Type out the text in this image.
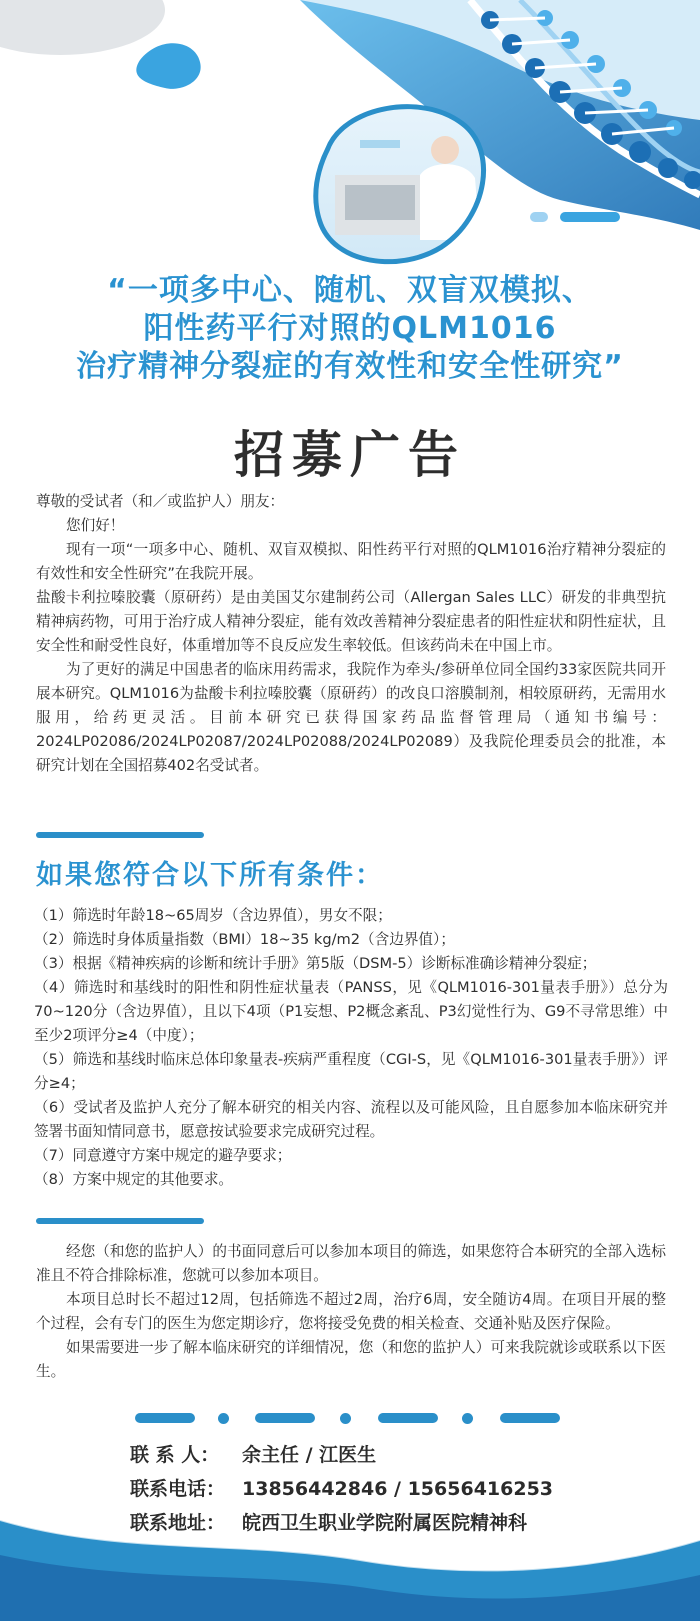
“一项多中心、随机、双盲双模拟、
阳性药平行对照的QLM1016
治疗精神分裂症的有效性和安全性研究”
招募广告

尊敬的受试者（和／或监护人）朋友：

您们好！

现有一项“一项多中心、随机、双盲双模拟、阳性药平行对照的QLM1016治疗精神分裂症的有效性和安全性研究”在我院开展。

盐酸卡利拉嗪胶囊（原研药）是由美国艾尔建制药公司（Allergan Sales LLC）研发的非典型抗精神病药物，可用于治疗成人精神分裂症，能有效改善精神分裂症患者的阳性症状和阴性症状，且安全性和耐受性良好，体重增加等不良反应发生率较低。但该药尚未在中国上市。

为了更好的满足中国患者的临床用药需求，我院作为牵头/参研单位同全国约33家医院共同开展本研究。QLM1016为盐酸卡利拉嗪胶囊（原研药）的改良口溶膜制剂，相较原研药，无需用水服用，给药更灵活。目前本研究已获得国家药品监督管理局（通知书编号：2024LP02086/2024LP02087/2024LP02088/2024LP02089）及我院伦理委员会的批准，本研究计划在全国招募402名受试者。

如果您符合以下所有条件：

（1）筛选时年龄18~65周岁（含边界值），男女不限；

（2）筛选时身体质量指数（BMI）18~35 kg/m2（含边界值）；

（3）根据《精神疾病的诊断和统计手册》第5版（DSM-5）诊断标准确诊精神分裂症；

（4）筛选时和基线时的阳性和阴性症状量表（PANSS，见《QLM1016-301量表手册》）总分为70~120分（含边界值），且以下4项（P1妄想、P2概念紊乱、P3幻觉性行为、G9不寻常思维）中至少2项评分≥4（中度）；

（5）筛选和基线时临床总体印象量表-疾病严重程度（CGI-S，见《QLM1016-301量表手册》）评分≥4；

（6）受试者及监护人充分了解本研究的相关内容、流程以及可能风险，且自愿参加本临床研究并签署书面知情同意书，愿意按试验要求完成研究过程。

（7）同意遵守方案中规定的避孕要求；

（8）方案中规定的其他要求。

经您（和您的监护人）的书面同意后可以参加本项目的筛选，如果您符合本研究的全部入选标准且不符合排除标准，您就可以参加本项目。

本项目总时长不超过12周，包括筛选不超过2周，治疗6周，安全随访4周。在项目开展的整个过程，会有专门的医生为您定期诊疗，您将接受免费的相关检查、交通补贴及医疗保险。

如果需要进一步了解本临床研究的详细情况，您（和您的监护人）可来我院就诊或联系以下医生。

联 系 人： 余主任 / 江医生
联系电话： 13856442846 / 15656416253
联系地址： 皖西卫生职业学院附属医院精神科
